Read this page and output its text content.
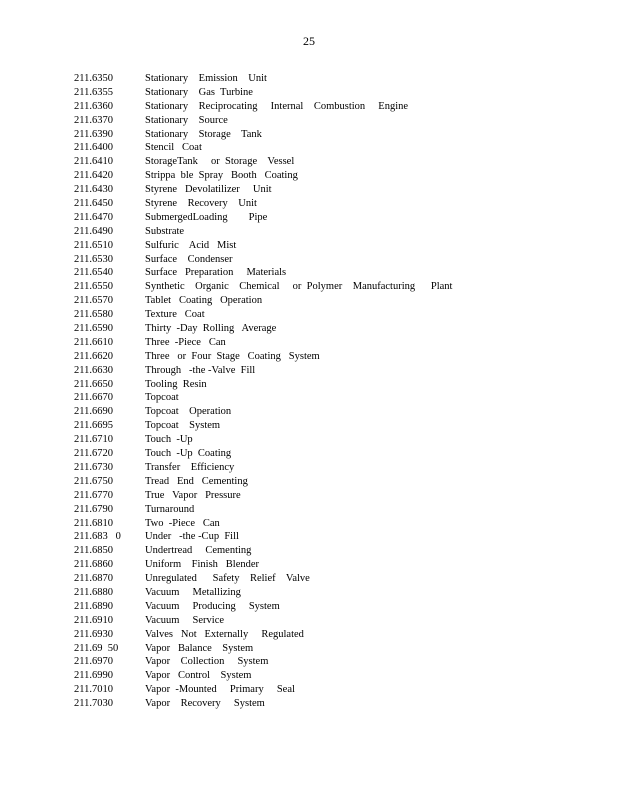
25
211.6350	Stationary    Emission    Unit
211.6355	Stationary    Gas  Turbine
211.6360	Stationary    Reciprocating     Internal    Combustion     Engine
211.6370	Stationary    Source
211.6390	Stationary    Storage    Tank
211.6400	Stencil   Coat
211.6410	StorageTank     or  Storage    Vessel
211.6420	Strippa  ble  Spray   Booth   Coating
211.6430	Styrene   Devolatilizer     Unit
211.6450	Styrene    Recovery    Unit
211.6470	SubmergedLoading        Pipe
211.6490	Substrate
211.6510	Sulfuric    Acid   Mist
211.6530	Surface    Condenser
211.6540	Surface   Preparation     Materials
211.6550	Synthetic    Organic    Chemical     or  Polymer    Manufacturing      Plant
211.6570	Tablet   Coating   Operation
211.6580	Texture   Coat
211.6590	Thirty  -Day  Rolling   Average
211.6610	Three  -Piece   Can
211.6620	Three   or  Four  Stage   Coating   System
211.6630	Through   -the -Valve  Fill
211.6650	Tooling  Resin
211.6670	Topcoat
211.6690	Topcoat    Operation
211.6695	Topcoat    System
211.6710	Touch  -Up
211.6720	Touch  -Up  Coating
211.6730	Transfer    Efficiency
211.6750	Tread   End   Cementing
211.6770	True   Vapor   Pressure
211.6790	Turnaround
211.6810	Two  -Piece   Can
211.683   0	Under   -the -Cup  Fill
211.6850	Undertread     Cementing
211.6860	Uniform    Finish   Blender
211.6870	Unregulated      Safety    Relief    Valve
211.6880	Vacuum     Metallizing
211.6890	Vacuum     Producing     System
211.6910	Vacuum     Service
211.6930	Valves   Not   Externally     Regulated
211.69  50	Vapor   Balance    System
211.6970	Vapor    Collection     System
211.6990	Vapor   Control    System
211.7010	Vapor  -Mounted     Primary     Seal
211.7030	Vapor    Recovery     System
